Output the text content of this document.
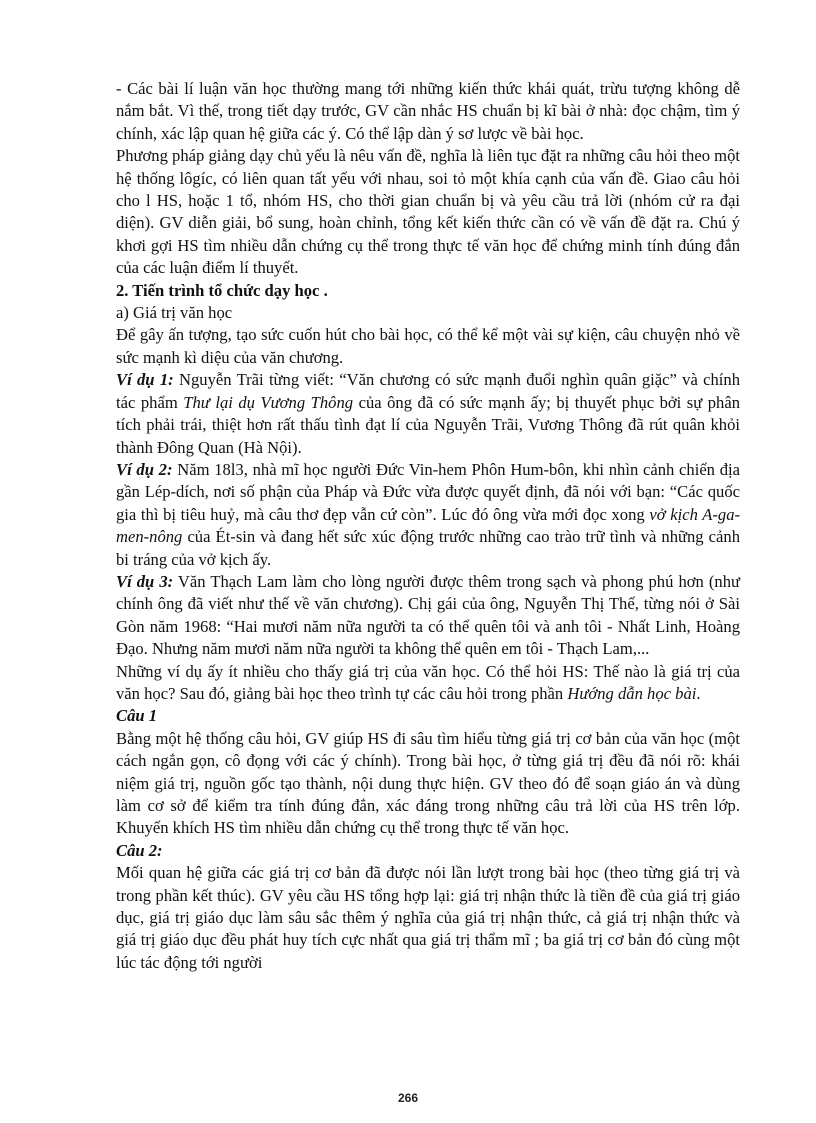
- Các bài lí luận văn học thường mang tới những kiến thức khái quát, trừu tượng không dễ nắm bắt. Vì thế, trong tiết dạy trước, GV cần nhắc HS chuẩn bị kĩ bài ở nhà: đọc chậm, tìm ý chính, xác lập quan hệ giữa các ý. Có thể lập dàn ý sơ lược về bài học.

Phương pháp giảng dạy chủ yếu là nêu vấn đề, nghĩa là liên tục đặt ra những câu hỏi theo một hệ thống lôgíc, có liên quan tất yếu với nhau, soi tỏ một khía cạnh của vấn đề. Giao câu hỏi cho l HS, hoặc 1 tổ, nhóm HS, cho thời gian chuẩn bị và yêu cầu trả lời (nhóm cử ra đại diện). GV diễn giải, bổ sung, hoàn chỉnh, tổng kết kiến thức cần có về vấn đề đặt ra. Chú ý khơi gợi HS tìm nhiều dẫn chứng cụ thể trong thực tế văn học để chứng minh tính đúng đắn của các luận điểm lí thuyết.

2. Tiến trình tổ chức dạy học .

a) Giá trị văn học

Để gây ấn tượng, tạo sức cuốn hút cho bài học, có thể kể một vài sự kiện, câu chuyện nhỏ về sức mạnh kì diệu của văn chương.

Ví dụ 1: Nguyễn Trãi từng viết: “Văn chương có sức mạnh đuổi nghìn quân giặc” và chính tác phẩm Thư lại dụ Vương Thông của ông đã có sức mạnh ấy; bị thuyết phục bởi sự phân tích phải trái, thiệt hơn rất thấu tình đạt lí của Nguyễn Trãi, Vương Thông đã rút quân khỏi thành Đông Quan (Hà Nội).

Ví dụ 2: Năm 18l3, nhà mĩ học người Đức Vin-hem Phôn Hum-bôn, khi nhìn cảnh chiến địa gần Lép-dích, nơi số phận của Pháp và Đức vừa được quyết định, đã nói với bạn: “Các quốc gia thì bị tiêu huỷ, mà câu thơ đẹp vẫn cứ còn”. Lúc đó ông vừa mới đọc xong vở kịch A-ga-men-nông của Ét-sin và đang hết sức xúc động trước những cao trào trữ tình và những cảnh bi tráng của vở kịch ấy.

Ví dụ 3: Văn Thạch Lam làm cho lòng người được thêm trong sạch và phong phú hơn (như chính ông đã viết như thế về văn chương). Chị gái của ông, Nguyễn Thị Thế, từng nói ở Sài Gòn năm 1968: “Hai mươi năm nữa người ta có thể quên tôi và anh tôi - Nhất Linh, Hoàng Đạo. Nhưng năm mươi năm nữa người ta không thể quên em tôi - Thạch Lam,...

Những ví dụ ấy ít nhiều cho thấy giá trị của văn học. Có thể hỏi HS: Thế nào là giá trị của văn học? Sau đó, giảng bài học theo trình tự các câu hỏi trong phần Hướng dẫn học bài.

Câu 1

Bằng một hệ thống câu hỏi, GV giúp HS đi sâu tìm hiểu từng giá trị cơ bản của văn học (một cách ngắn gọn, cô đọng với các ý chính). Trong bài học, ở từng giá trị đều đã nói rõ: khái niệm giá trị, nguồn gốc tạo thành, nội dung thực hiện. GV theo đó để soạn giáo án và dùng làm cơ sở để kiểm tra tính đúng đắn, xác đáng trong những câu trả lời của HS trên lớp. Khuyến khích HS tìm nhiều dẫn chứng cụ thể trong thực tế văn học.

Câu 2:

Mối quan hệ giữa các giá trị cơ bản đã được nói lần lượt trong bài học (theo từng giá trị và trong phần kết thúc). GV yêu cầu HS tổng hợp lại: giá trị nhận thức là tiền đề của giá trị giáo dục, giá trị giáo dục làm sâu sắc thêm ý nghĩa của giá trị nhận thức, cả giá trị nhận thức và giá trị giáo dục đều phát huy tích cực nhất qua giá trị thẩm mĩ ; ba giá trị cơ bản đó cùng một lúc tác động tới người

266
